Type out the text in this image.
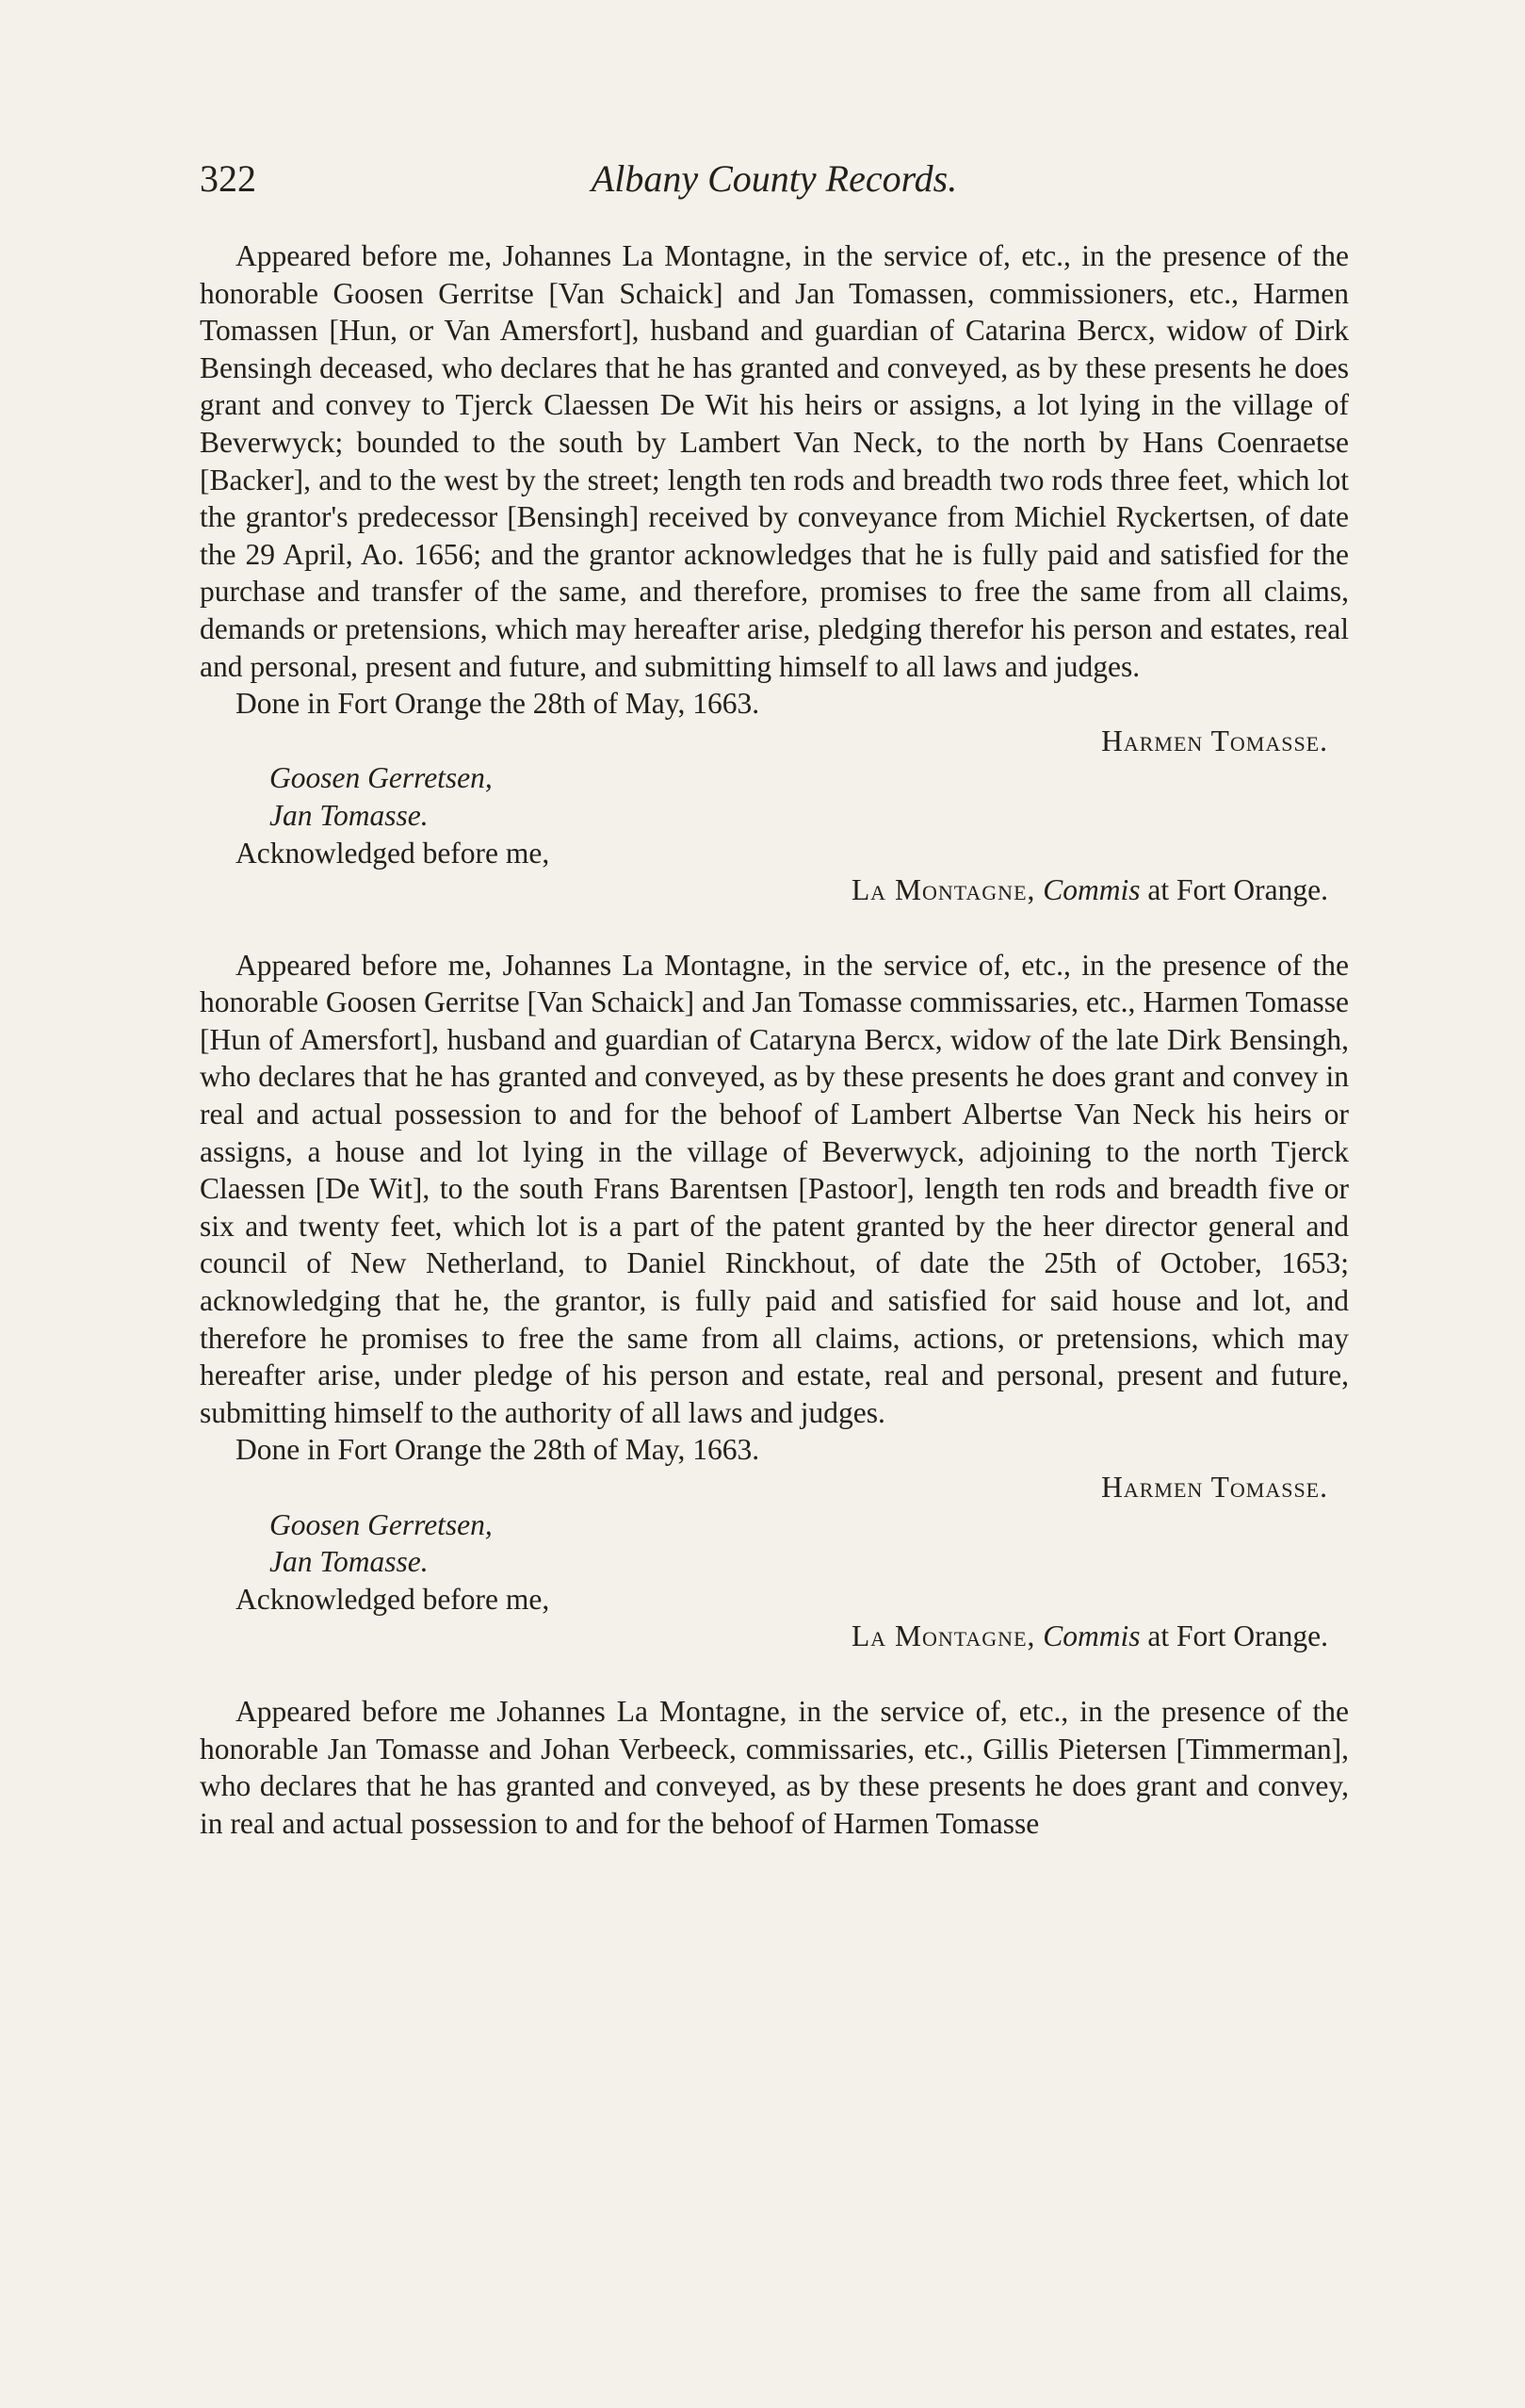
322	Albany County Records.

Appeared before me, Johannes La Montagne, in the service of, etc., in the presence of the honorable Goosen Gerritse [Van Schaick] and Jan Tomassen, commissioners, etc., Harmen Tomassen [Hun, or Van Amersfort], husband and guardian of Catarina Bercx, widow of Dirk Bensingh deceased, who declares that he has granted and conveyed, as by these presents he does grant and convey to Tjerck Claessen De Wit his heirs or assigns, a lot lying in the village of Beverwyck; bounded to the south by Lambert Van Neck, to the north by Hans Coenraetse [Backer], and to the west by the street; length ten rods and breadth two rods three feet, which lot the grantor's predecessor [Bensingh] received by conveyance from Michiel Ryckertsen, of date the 29 April, Ao. 1656; and the grantor acknowledges that he is fully paid and satisfied for the purchase and transfer of the same, and therefore, promises to free the same from all claims, demands or pretensions, which may hereafter arise, pledging therefor his person and estates, real and personal, present and future, and submitting himself to all laws and judges.

Done in Fort Orange the 28th of May, 1663.

Harmen Tomasse.
Goosen Gerretsen,
Jan Tomasse.
Acknowledged before me,
La Montagne, Commis at Fort Orange.

Appeared before me, Johannes La Montagne, in the service of, etc., in the presence of the honorable Goosen Gerritse [Van Schaick] and Jan Tomasse commissaries, etc., Harmen Tomasse [Hun of Amersfort], husband and guardian of Cataryna Bercx, widow of the late Dirk Bensingh, who declares that he has granted and conveyed, as by these presents he does grant and convey in real and actual possession to and for the behoof of Lambert Albertse Van Neck his heirs or assigns, a house and lot lying in the village of Beverwyck, adjoining to the north Tjerck Claessen [De Wit], to the south Frans Barentsen [Pastoor], length ten rods and breadth five or six and twenty feet, which lot is a part of the patent granted by the heer director general and council of New Netherland, to Daniel Rinckhout, of date the 25th of October, 1653; acknowledging that he, the grantor, is fully paid and satisfied for said house and lot, and therefore he promises to free the same from all claims, actions, or pretensions, which may hereafter arise, under pledge of his person and estate, real and personal, present and future, submitting himself to the authority of all laws and judges.

Done in Fort Orange the 28th of May, 1663.

Harmen Tomasse.
Goosen Gerretsen,
Jan Tomasse.
Acknowledged before me,
La Montagne, Commis at Fort Orange.

Appeared before me Johannes La Montagne, in the service of, etc., in the presence of the honorable Jan Tomasse and Johan Verbeeck, commissaries, etc., Gillis Pietersen [Timmerman], who declares that he has granted and conveyed, as by these presents he does grant and convey, in real and actual possession to and for the behoof of Harmen Tomasse
